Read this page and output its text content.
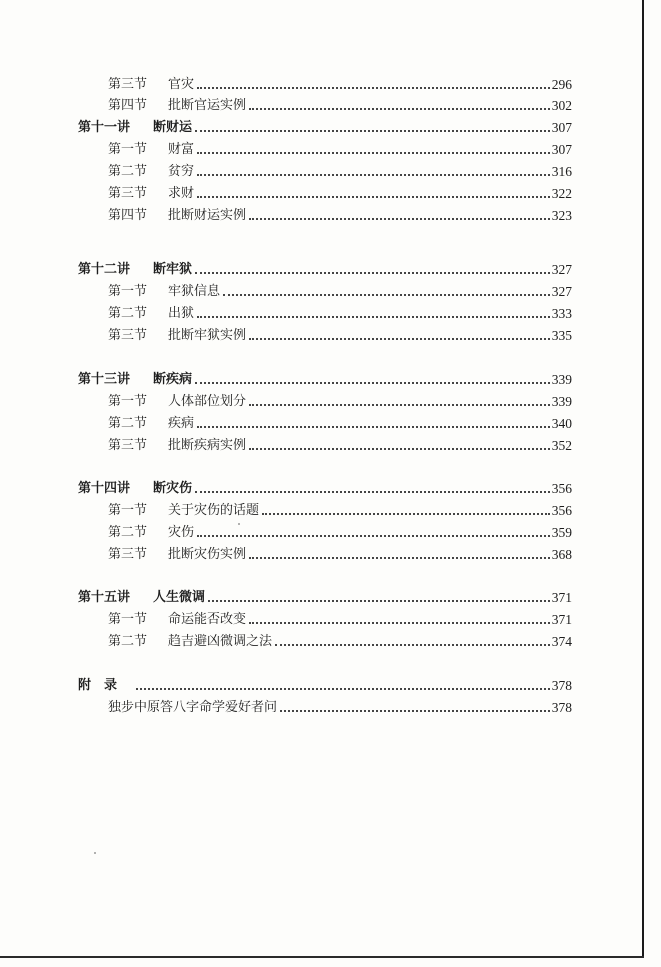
第三节	官灾	296
第四节	批断官运实例	302
第十一讲	断财运	307
第一节	财富	307
第二节	贫穷	316
第三节	求财	322
第四节	批断财运实例	323
第十二讲	断牢狱	327
第一节	牢狱信息	327
第二节	出狱	333
第三节	批断牢狱实例	335
第十三讲	断疾病	339
第一节	人体部位划分	339
第二节	疾病	340
第三节	批断疾病实例	352
第十四讲	断灾伤	356
第一节	关于灾伤的话题	356
第二节	灾伤	359
第三节	批断灾伤实例	368
第十五讲	人生微调	371
第一节	命运能否改变	371
第二节	趋吉避凶微调之法	374
附　录	378
独步中原答八字命学爱好者问	378
